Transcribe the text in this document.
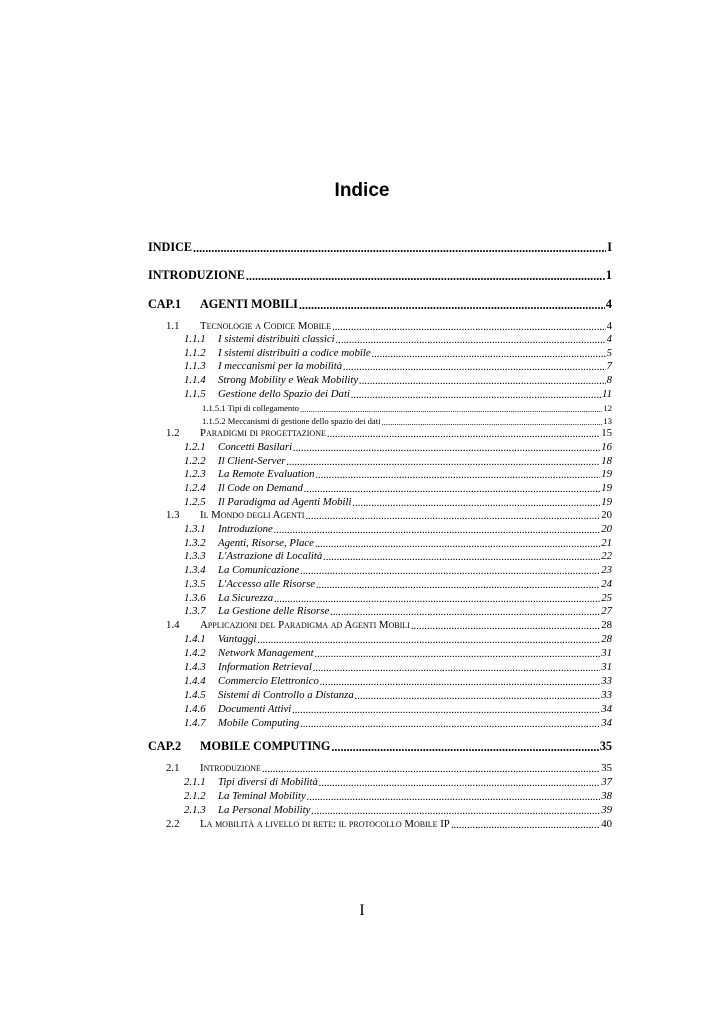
Indice
INDICE .....	I
INTRODUZIONE .....	1
CAP.1	AGENTI MOBILI .....	4
1.1	Tecnologie a Codice Mobile .....	4
1.1.1	I sistemi distribuiti classici .....	4
1.1.2	I sistemi distribuiti a codice mobile .....	5
1.1.3	I meccanismi per la mobilità .....	7
1.1.4	Strong Mobility e Weak Mobility .....	8
1.1.5	Gestione dello Spazio dei Dati .....	11
1.1.5.1 Tipi di collegamento .....	12
1.1.5.2 Meccanismi di gestione dello spazio dei dati .....	13
1.2	Paradigmi di progettazione .....	15
1.2.1	Concetti Basilari .....	16
1.2.2	Il Client-Server .....	18
1.2.3	La Remote Evaluation .....	19
1.2.4	Il Code on Demand .....	19
1.2.5	Il Paradigma ad Agenti Mobili .....	19
1.3	Il Mondo degli Agenti .....	20
1.3.1	Introduzione .....	20
1.3.2	Agenti, Risorse, Place .....	21
1.3.3	L'Astrazione di Località .....	22
1.3.4	La Comunicazione .....	23
1.3.5	L'Accesso alle Risorse .....	24
1.3.6	La Sicurezza .....	25
1.3.7	La Gestione delle Risorse .....	27
1.4	Applicazioni del Paradigma ad Agenti Mobili .....	28
1.4.1	Vantaggi .....	28
1.4.2	Network Management .....	31
1.4.3	Information Retrieval .....	31
1.4.4	Commercio Elettronico .....	33
1.4.5	Sistemi di Controllo a Distanza .....	33
1.4.6	Documenti Attivi .....	34
1.4.7	Mobile Computing .....	34
CAP.2	MOBILE COMPUTING .....	35
2.1	Introduzione .....	35
2.1.1	Tipi diversi di Mobilità .....	37
2.1.2	La Teminal Mobility .....	38
2.1.3	La Personal Mobility .....	39
2.2	La mobilità a livello di rete: il protocollo Mobile IP .....	40
I
